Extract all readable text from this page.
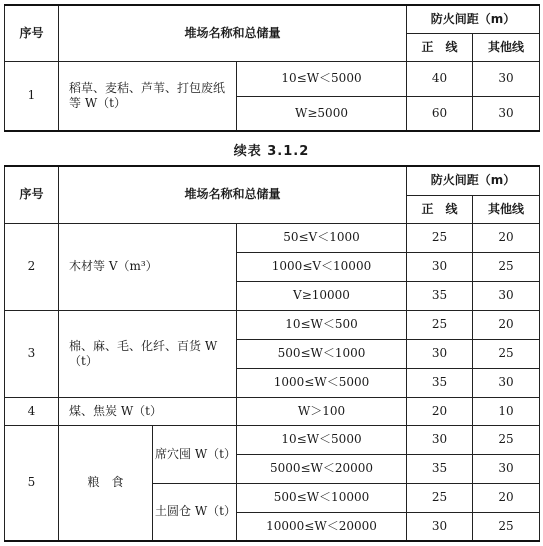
序号	堆场名称和总储量		防火间距（m）	
			正　线	其他线
1	稻草、麦秸、芦苇、打包废纸等 W（t）	10≤W＜5000	40	30
		W≥5000	60	30
续表 3.1.2
序号	堆场名称和总储量			防火间距（m）	
				正　线	其他线
2	木材等 V（m³）		50≤V＜1000	25	20
			1000≤V＜10000	30	25
			V≥10000	35	30
3	棉、麻、毛、化纤、百货 W（t）		10≤W＜500	25	20
			500≤W＜1000	30	25
			1000≤W＜5000	35	30
4	煤、焦炭 W（t）		W＞100	20	10
5	粮　食	席穴囤 W（t）	10≤W＜5000	30	25
			5000≤W＜20000	35	30
		土圆仓 W（t）	500≤W＜10000	25	20
			10000≤W＜20000	30	25
